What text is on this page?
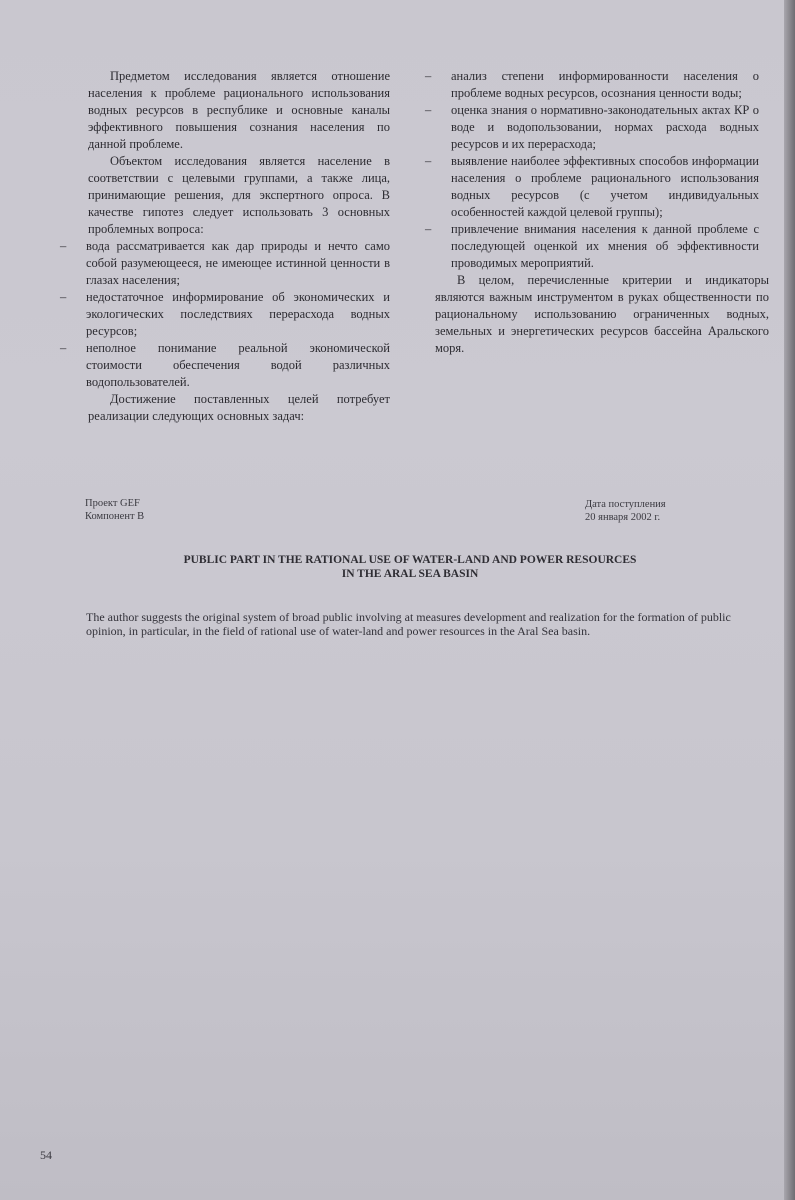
Предметом исследования является отношение населения к проблеме рационального использования водных ресурсов в республике и основные каналы эффективного повышения сознания населения по данной проблеме.

Объектом исследования является население в соответствии с целевыми группами, а также лица, принимающие решения, для экспертного опроса. В качестве гипотез следует использовать 3 основных проблемных вопроса:

– вода рассматривается как дар природы и нечто само собой разумеющееся, не имеющее истинной ценности в глазах населения;
– недостаточное информирование об экономических и экологических последствиях перерасхода водных ресурсов;
– неполное понимание реальной экономической стоимости обеспечения водой различных водопользователей.

Достижение поставленных целей потребует реализации следующих основных задач:

– анализ степени информированности населения о проблеме водных ресурсов, осознания ценности воды;
– оценка знания о нормативно-законодательных актах КР о воде и водопользовании, нормах расхода водных ресурсов и их перерасхода;
– выявление наиболее эффективных способов информации населения о проблеме рационального использования водных ресурсов (с учетом индивидуальных особенностей каждой целевой группы);
– привлечение внимания населения к данной проблеме с последующей оценкой их мнения об эффективности проводимых мероприятий.

В целом, перечисленные критерии и индикаторы являются важным инструментом в руках общественности по рациональному использованию ограниченных водных, земельных и энергетических ресурсов бассейна Аральского моря.

Проект GEF
Компонент В
Дата поступления
20 января 2002 г.
PUBLIC PART IN THE RATIONAL USE OF WATER-LAND AND POWER RESOURCES
IN THE ARAL SEA BASIN

The author suggests the original system of broad public involving at measures development and realization for the formation of public opinion, in particular, in the field of rational use of water-land and power resources in the Aral Sea basin.

54
